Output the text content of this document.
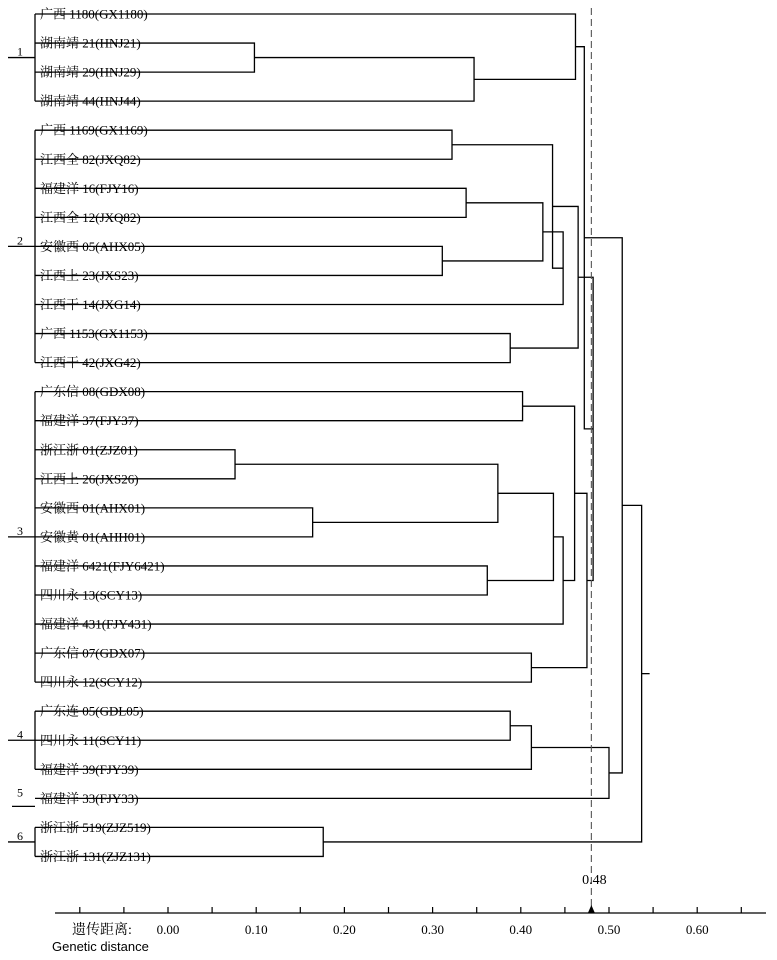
广西 1180(GX1180)
湖南靖 21(HNJ21)
湖南靖 29(HNJ29)
湖南靖 44(HNJ44)
广西 1169(GX1169)
江西全 82(JXQ82)
福建洋 16(FJY16)
江西全 12(JXQ82)
安徽西 05(AHX05)
江西上 23(JXS23)
江西干 14(JXG14)
广西 1153(GX1153)
江西干 42(JXG42)
广东信 08(GDX08)
福建洋 37(FJY37)
浙江浙 01(ZJZ01)
江西上 26(JXS26)
安徽西 01(AHX01)
安徽黄 01(AHH01)
福建洋 6421(FJY6421)
四川永 13(SCY13)
福建洋 431(FJY431)
广东信 07(GDX07)
四川永 12(SCY12)
广东连 05(GDL05)
四川永 11(SCY11)
福建洋 39(FJY39)
福建洋 33(FJY33)
浙江浙 519(ZJZ519)
浙江浙 131(ZJZ131)
1
2
3
4
5
6
0.48
遗传距离:
Genetic distance
0.00	0.10	0.20	0.30	0.40	0.50	0.60
